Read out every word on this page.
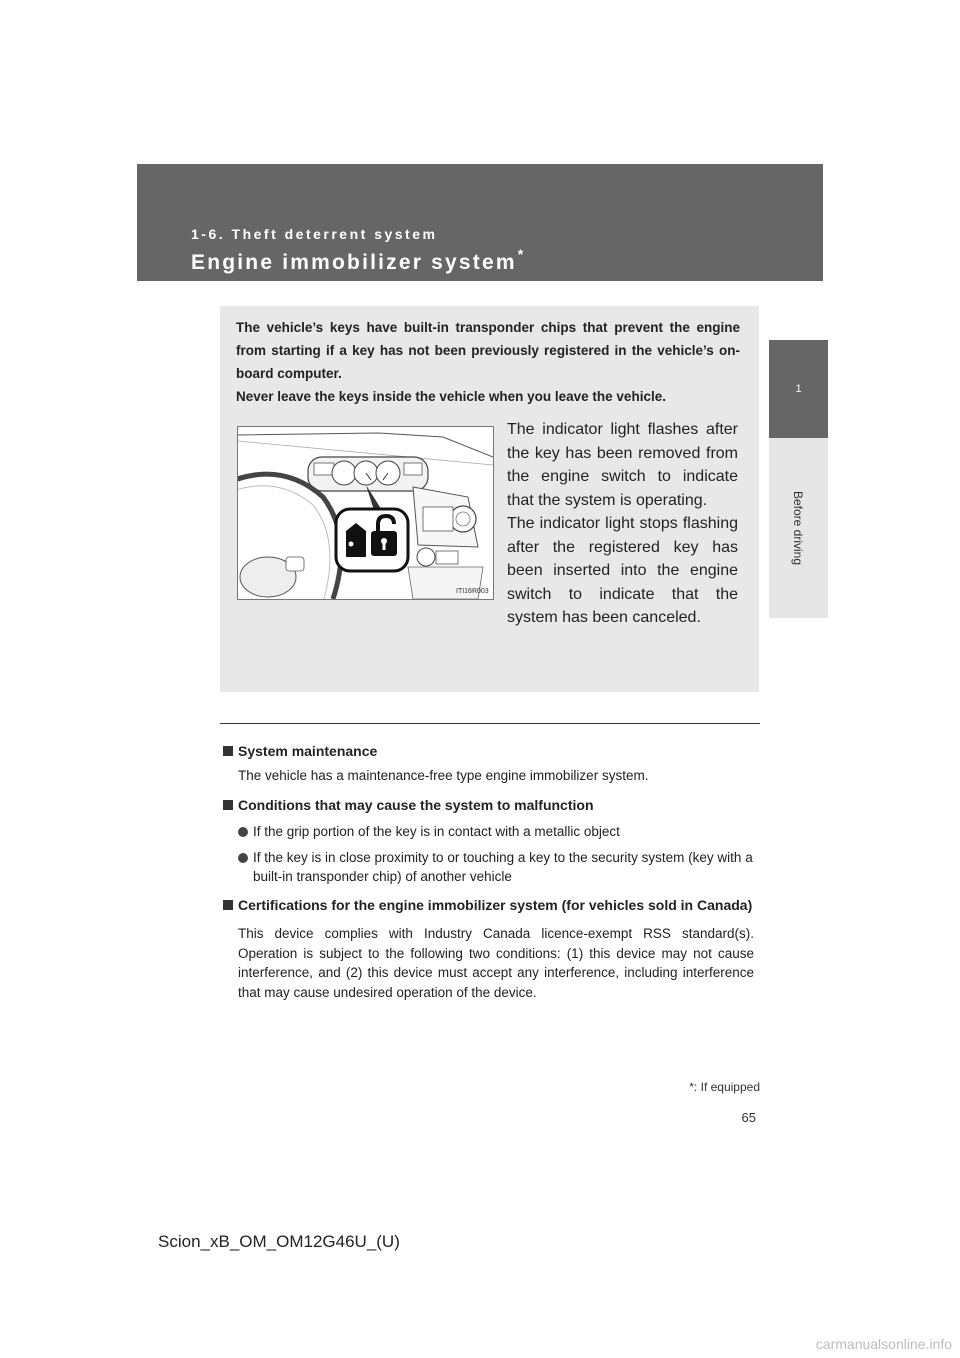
1-6. Theft deterrent system
Engine immobilizer system*
1
Before driving

The vehicle’s keys have built-in transponder chips that prevent the engine from starting if a key has not been previously registered in the vehicle’s on-board computer.

Never leave the keys inside the vehicle when you leave the vehicle.

ITI16R003

The indicator light flashes after the key has been removed from the engine switch to indicate that the system is operating.

The indicator light stops flashing after the registered key has been inserted into the engine switch to indicate that the system has been canceled.

System maintenance
The vehicle has a maintenance-free type engine immobilizer system.
Conditions that may cause the system to malfunction
If the grip portion of the key is in contact with a metallic object
If the key is in close proximity to or touching a key to the security system (key with a built-in transponder chip) of another vehicle
Certifications for the engine immobilizer system (for vehicles sold in Canada)
This device complies with Industry Canada licence-exempt RSS standard(s). Operation is subject to the following two conditions: (1) this device may not cause interference, and (2) this device must accept any interference, including interference that may cause undesired operation of the device.
*: If equipped
65
Scion_xB_OM_OM12G46U_(U)
carmanualsonline.info
